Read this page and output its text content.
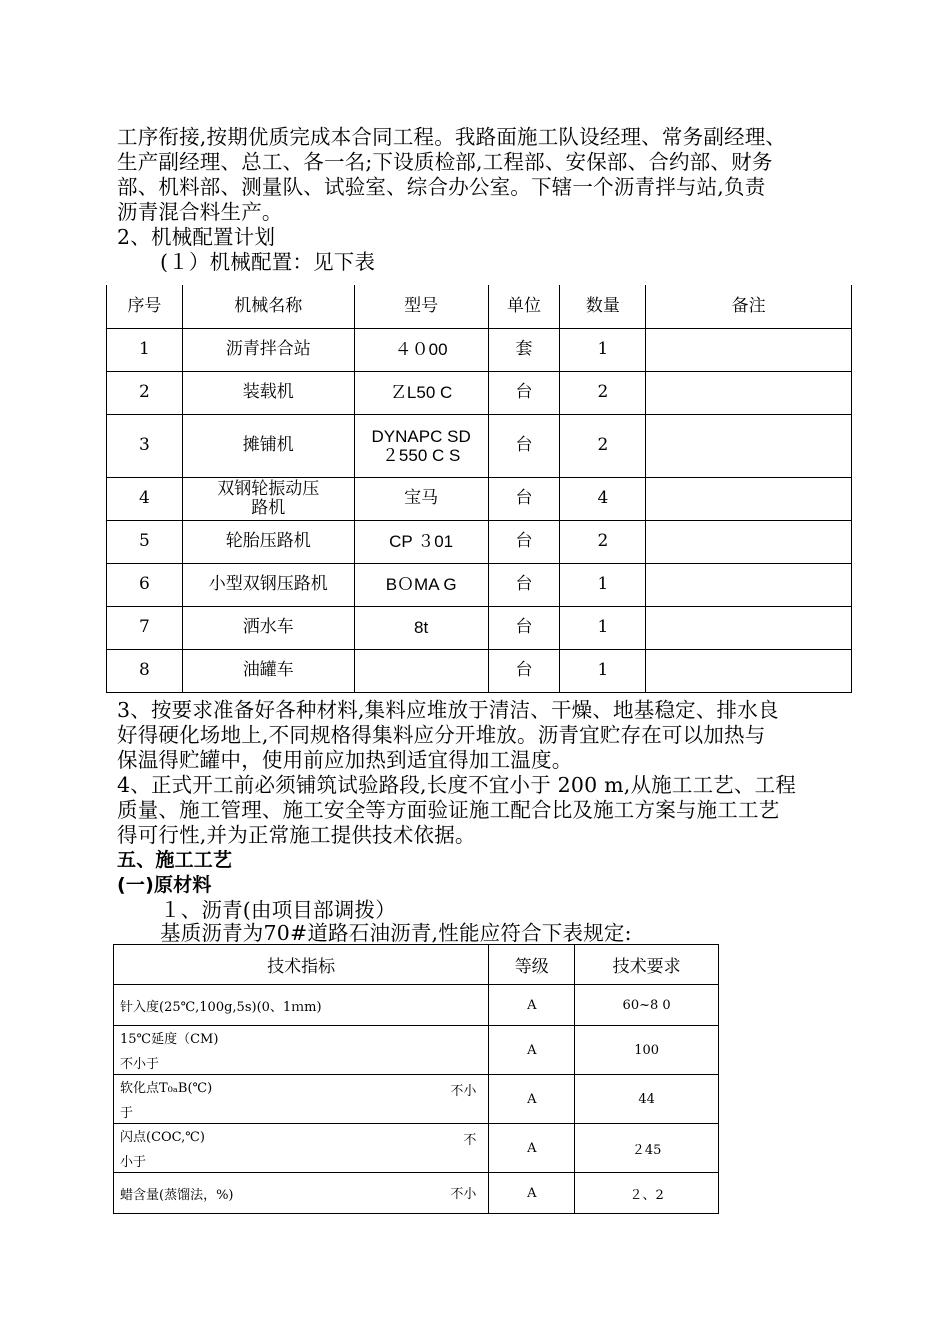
工序衔接,按期优质完成本合同工程。我路面施工队设经理、常务副经理、
生产副经理、总工、各一名;下设质检部,工程部、安保部、合约部、财务
部、机料部、测量队、试验室、综合办公室。下辖一个沥青拌与站,负责
沥青混合料生产。
2、机械配置计划
(１）机械配置：见下表
序号	机械名称	型号	单位	数量	备注
1	沥青拌合站	４０00	套	1	
2	装载机	ＺL50 C	台	2	
3	摊铺机	DYNAPC SD ２550 C S	台	2	
4	双钢轮振动压路机	宝马	台	4	
5	轮胎压路机	CP ３01	台	2	
6	小型双钢压路机	BＯMA G	台	1	
7	洒水车	8t	台	1	
8	油罐车		台	1	
3、按要求准备好各种材料,集料应堆放于清洁、干燥、地基稳定、排水良
好得硬化场地上,不同规格得集料应分开堆放。沥青宜贮存在可以加热与
保温得贮罐中，使用前应加热到适宜得加工温度。
4、正式开工前必须铺筑试验路段,长度不宜小于 200 m,从施工工艺、工程
质量、施工管理、施工安全等方面验证施工配合比及施工方案与施工工艺
得可行性,并为正常施工提供技术依据。
五、施工工艺
(一)原材料
１、沥青(由项目部调拨）
基质沥青为70#道路石油沥青,性能应符合下表规定:
技术指标	等级	技术要求

针入度(25℃,100g,5s)(0、1ｍm)	A	60~8 0

15℃延度（CM)
不小于	A	100

软化点T₀ₐB(℃) 不小
于	A	44

闪点(COC,℃) 不
小于	A	２45

蜡含量(蒸馏法，%) 不小	A	２、2
